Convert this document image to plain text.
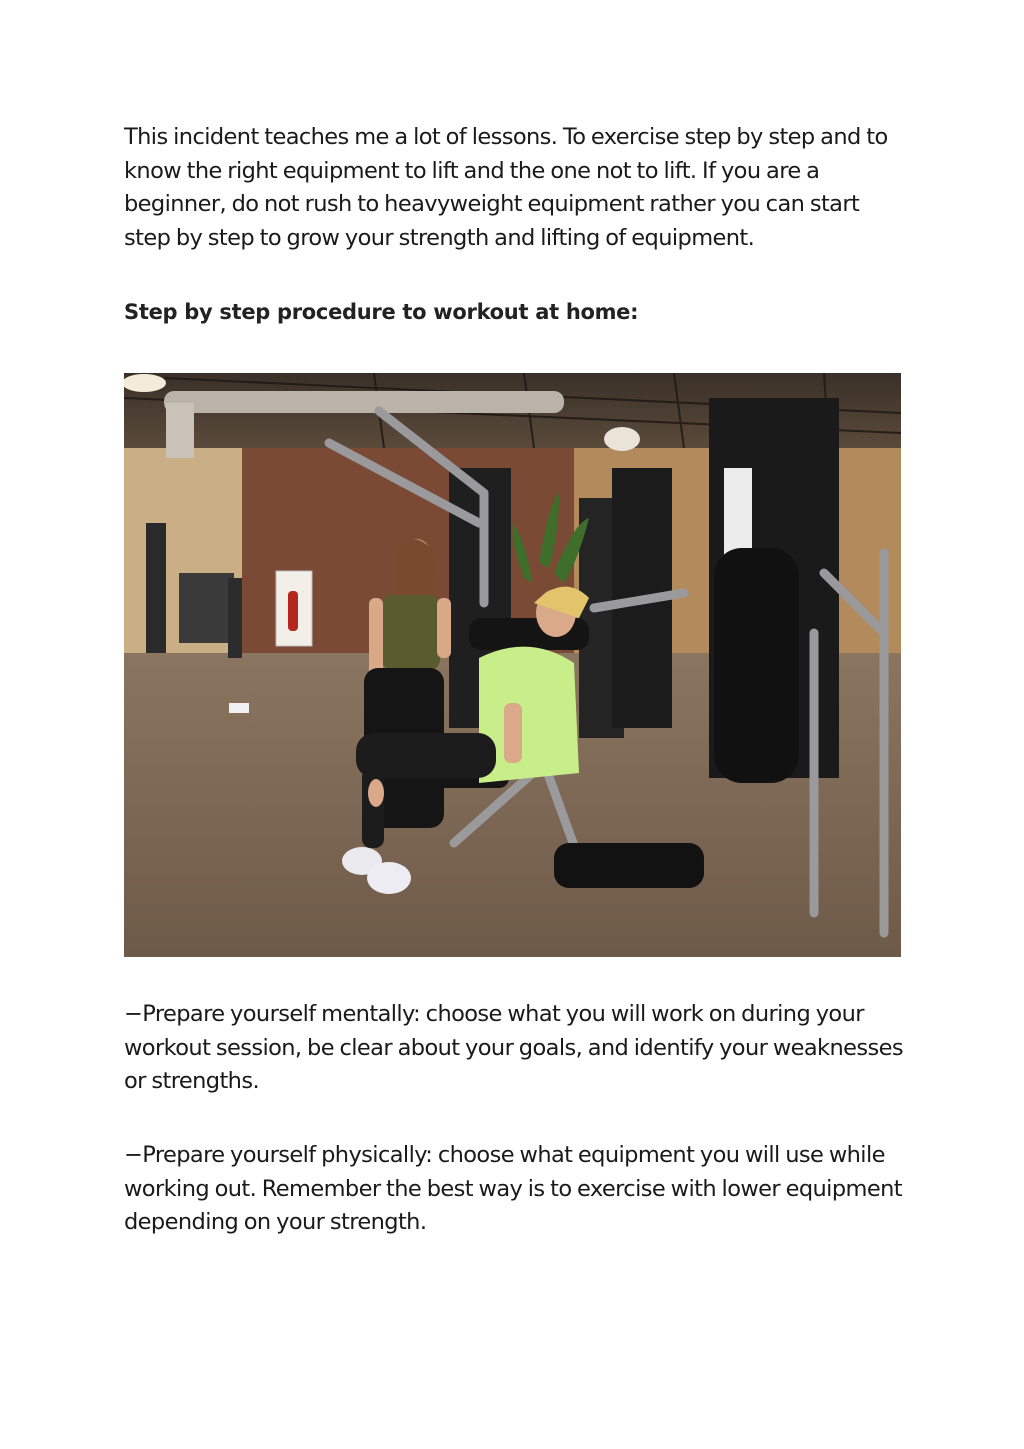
This incident teaches me a lot of lessons. To exercise step by step and to know the right equipment to lift and the one not to lift. If you are a beginner, do not rush to heavyweight equipment rather you can start step by step to grow your strength and lifting of equipment.

Step by step procedure to workout at home:

−Prepare yourself mentally: choose what you will work on during your workout session, be clear about your goals, and identify your weaknesses or strengths.

−Prepare yourself physically: choose what equipment you will use while working out. Remember the best way is to exercise with lower equipment depending on your strength.
